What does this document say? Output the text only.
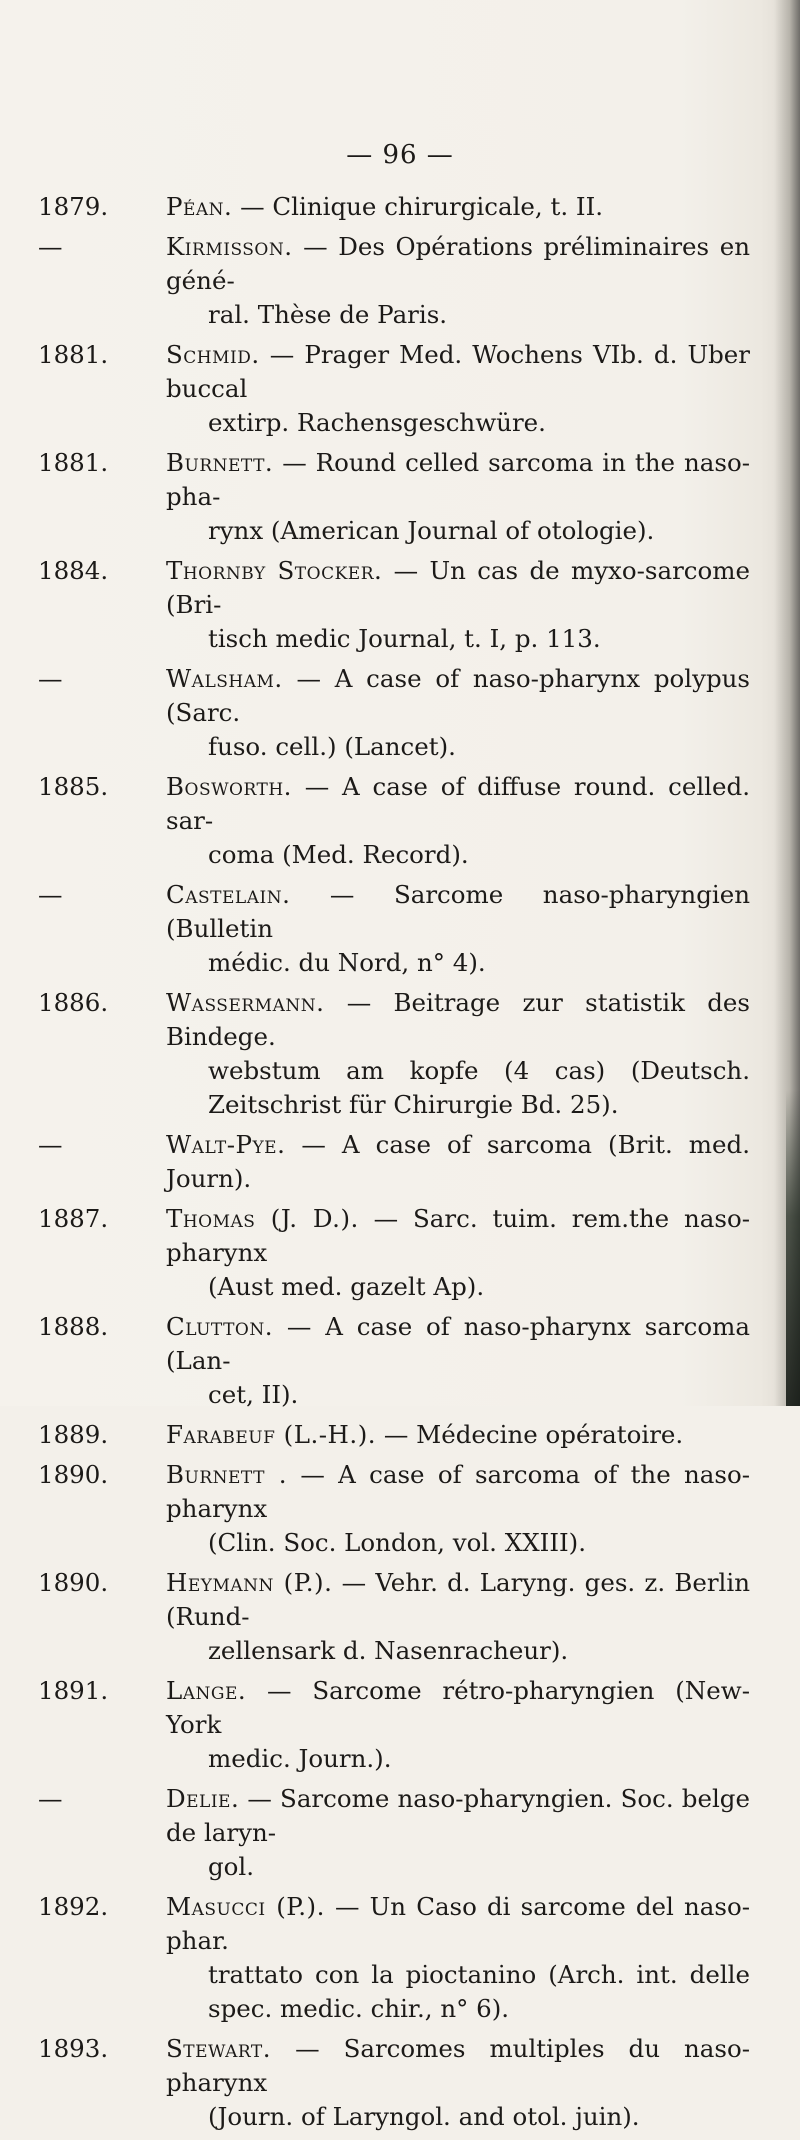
— 96 —
1879.	Péan. — Clinique chirurgicale, t. II.
—	Kirmisson. — Des Opérations préliminaires en géné-
ral. Thèse de Paris.
1881.	Schmid. — Prager Med. Wochens VIb. d. Uber buccal
extirp. Rachensgeschwüre.
1881.	Burnett. — Round celled sarcoma in the naso-pha-
rynx (American Journal of otologie).
1884.	Thornby Stocker. — Un cas de myxo-sarcome (Bri-
tisch medic Journal, t. I, p. 113.
—	Walsham. — A case of naso-pharynx polypus (Sarc.
fuso. cell.) (Lancet).
1885.	Bosworth. — A case of diffuse round. celled. sar-
coma (Med. Record).
—	Castelain. — Sarcome naso-pharyngien (Bulletin
médic. du Nord, n° 4).
1886.	Wassermann. — Beitrage zur statistik des Bindege.
webstum am kopfe (4 cas) (Deutsch. Zeitschrist für Chirurgie Bd. 25).
—	Walt-Pye. — A case of sarcoma (Brit. med. Journ).
1887.	Thomas (J. D.). — Sarc. tuim. rem.the naso-pharynx
(Aust med. gazelt Ap).
1888.	Clutton. — A case of naso-pharynx sarcoma (Lan-
cet, II).
1889.	Farabeuf (L.-H.). — Médecine opératoire.
1890.	Burnett . — A case of sarcoma of the naso-pharynx
(Clin. Soc. London, vol. XXIII).
1890.	Heymann (P.). — Vehr. d. Laryng. ges. z. Berlin (Rund-
zellensark d. Nasenracheur).
1891.	Lange. — Sarcome rétro-pharyngien (New-York
medic. Journ.).
—	Delie. — Sarcome naso-pharyngien. Soc. belge de laryn-
gol.
1892.	Masucci (P.). — Un Caso di sarcome del naso-phar.
trattato con la pioctanino (Arch. int. delle spec. medic. chir., n° 6).
1893.	Stewart. — Sarcomes multiples du naso-pharynx
(Journ. of Laryngol. and otol. juin).
